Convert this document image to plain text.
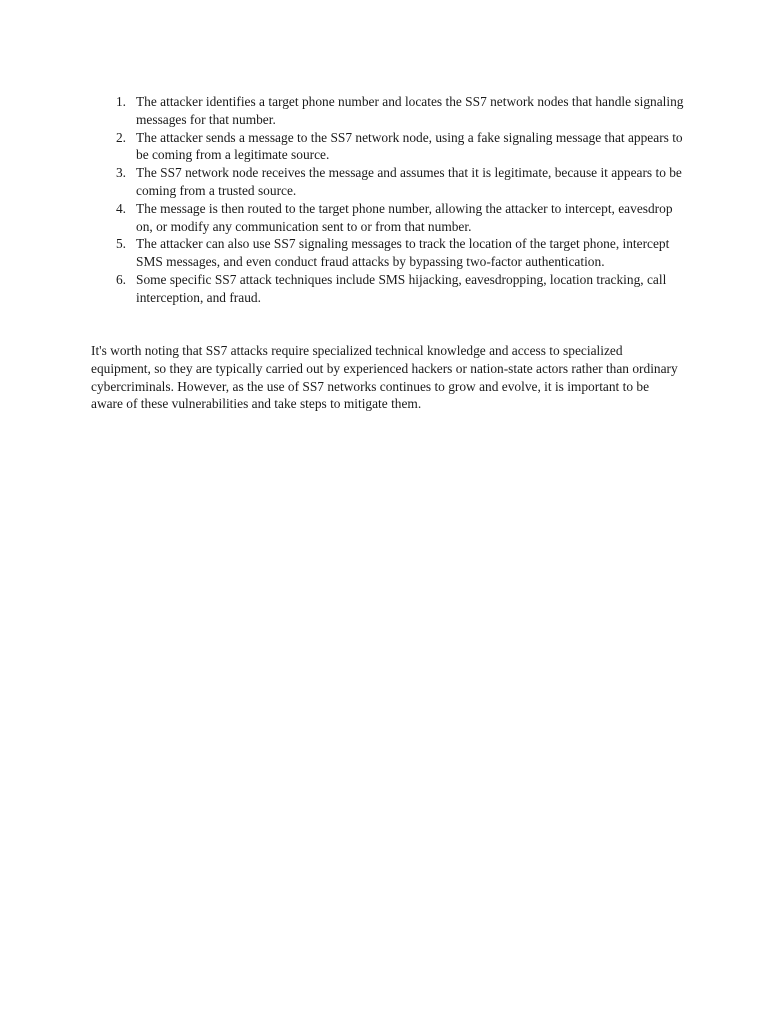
1. The attacker identifies a target phone number and locates the SS7 network nodes that handle signaling messages for that number.
2. The attacker sends a message to the SS7 network node, using a fake signaling message that appears to be coming from a legitimate source.
3. The SS7 network node receives the message and assumes that it is legitimate, because it appears to be coming from a trusted source.
4. The message is then routed to the target phone number, allowing the attacker to intercept, eavesdrop on, or modify any communication sent to or from that number.
5. The attacker can also use SS7 signaling messages to track the location of the target phone, intercept SMS messages, and even conduct fraud attacks by bypassing two-factor authentication.
6. Some specific SS7 attack techniques include SMS hijacking, eavesdropping, location tracking, call interception, and fraud.

It's worth noting that SS7 attacks require specialized technical knowledge and access to specialized equipment, so they are typically carried out by experienced hackers or nation-state actors rather than ordinary cybercriminals. However, as the use of SS7 networks continues to grow and evolve, it is important to be aware of these vulnerabilities and take steps to mitigate them.
